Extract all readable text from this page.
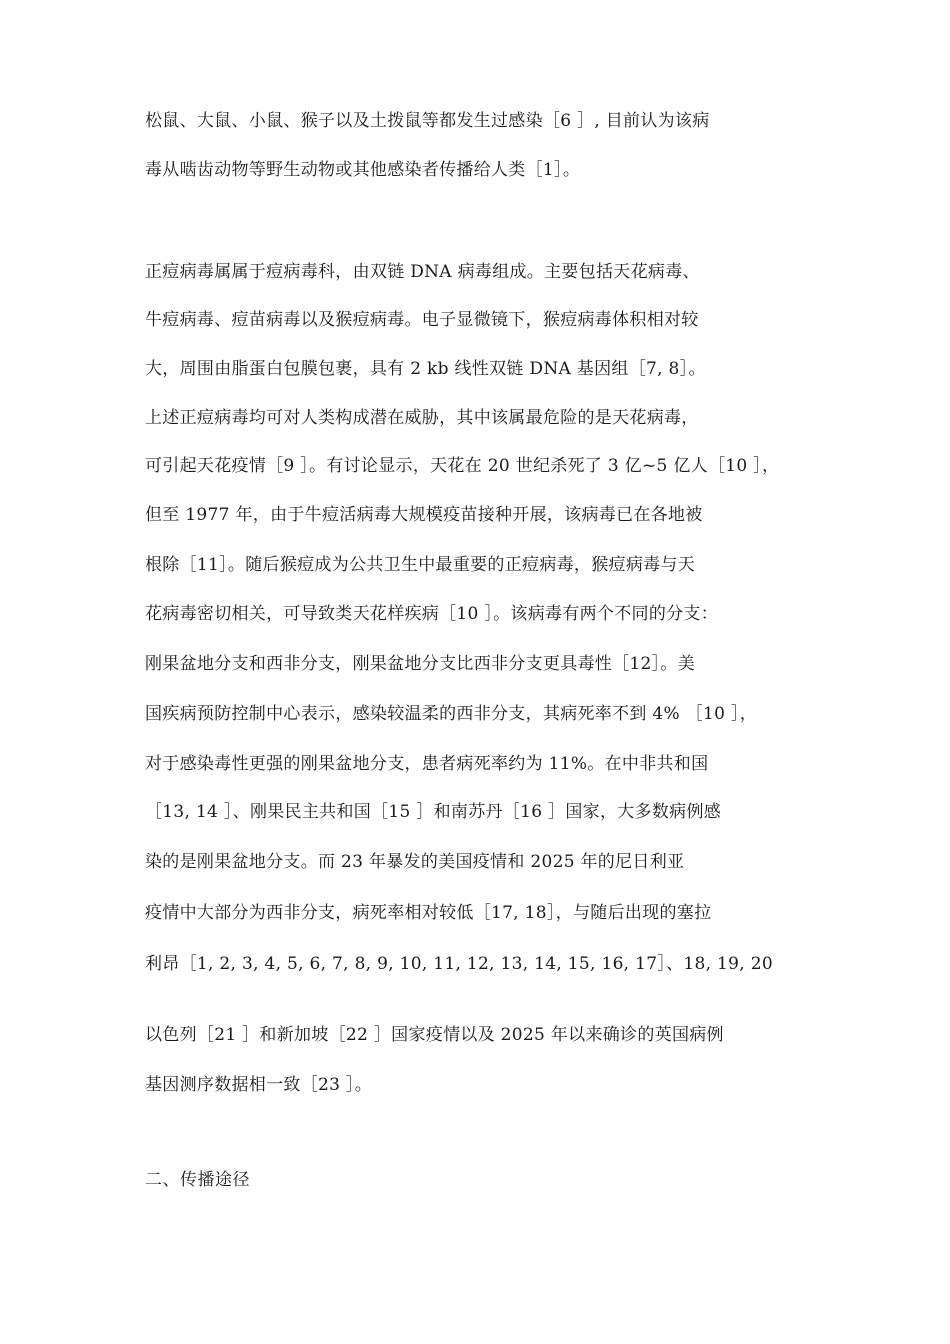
松鼠、大鼠、小鼠、猴子以及土拨鼠等都发生过感染［6 ］, 目前认为该病
毒从啮齿动物等野生动物或其他感染者传播给人类［1］。
正痘病毒属属于痘病毒科，由双链 DNA 病毒组成。主要包括天花病毒、
牛痘病毒、痘苗病毒以及猴痘病毒。电子显微镜下，猴痘病毒体积相对较
大，周围由脂蛋白包膜包裹，具有 2 kb 线性双链 DNA 基因组［7, 8］。
上述正痘病毒均可对人类构成潜在威胁，其中该属最危险的是天花病毒，
可引起天花疫情［9 ］。有讨论显示，天花在 20 世纪杀死了 3 亿~5 亿人［10 ］，
但至 1977 年，由于牛痘活病毒大规模疫苗接种开展，该病毒已在各地被
根除［11］。随后猴痘成为公共卫生中最重要的正痘病毒，猴痘病毒与天
花病毒密切相关，可导致类天花样疾病［10 ］。该病毒有两个不同的分支：
刚果盆地分支和西非分支，刚果盆地分支比西非分支更具毒性［12］。美
国疾病预防控制中心表示，感染较温柔的西非分支，其病死率不到 4% ［10 ］，
对于感染毒性更强的刚果盆地分支，患者病死率约为 11%。在中非共和国
［13, 14 ］、刚果民主共和国［15 ］和南苏丹［16 ］国家，大多数病例感
染的是刚果盆地分支。而 23 年暴发的美国疫情和 2025 年的尼日利亚
疫情中大部分为西非分支，病死率相对较低［17, 18］，与随后出现的塞拉
利昂［1, 2, 3, 4, 5, 6, 7, 8, 9, 10, 11, 12, 13, 14, 15, 16, 17］、18, 19, 20
以色列［21 ］和新加坡［22 ］国家疫情以及 2025 年以来确诊的英国病例
基因测序数据相一致［23 ］。
二、传播途径
